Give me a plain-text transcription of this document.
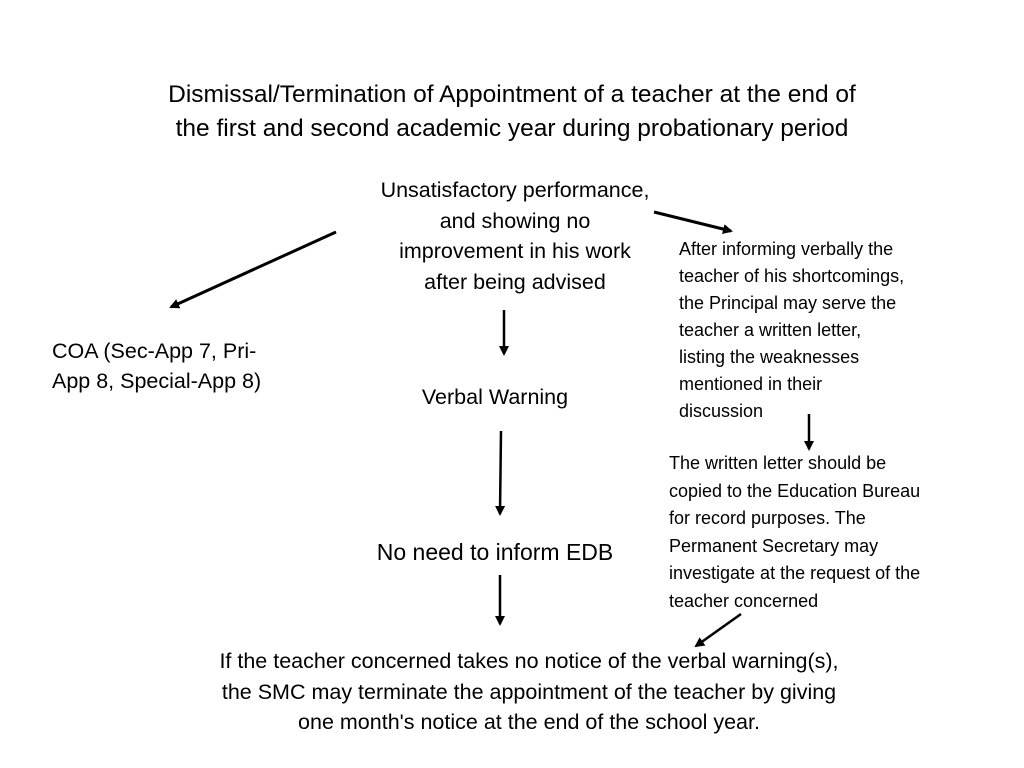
Dismissal/Termination of Appointment of a teacher at the end of
the first and second academic year during probationary period
Unsatisfactory performance,
and showing no
improvement in his work
after being advised
COA (Sec-App 7, Pri-
App 8, Special-App 8)
Verbal Warning
No need to inform EDB
After informing verbally the
teacher of his shortcomings,
the Principal may serve the
teacher a written letter,
listing the weaknesses
mentioned in their
discussion
The written letter should be
copied to the Education Bureau
for record purposes. The
Permanent Secretary may
investigate at the request of the
teacher concerned
If the teacher concerned takes no notice of the verbal warning(s),
the SMC may terminate the appointment of the teacher by giving
one month's notice at the end of the school year.
